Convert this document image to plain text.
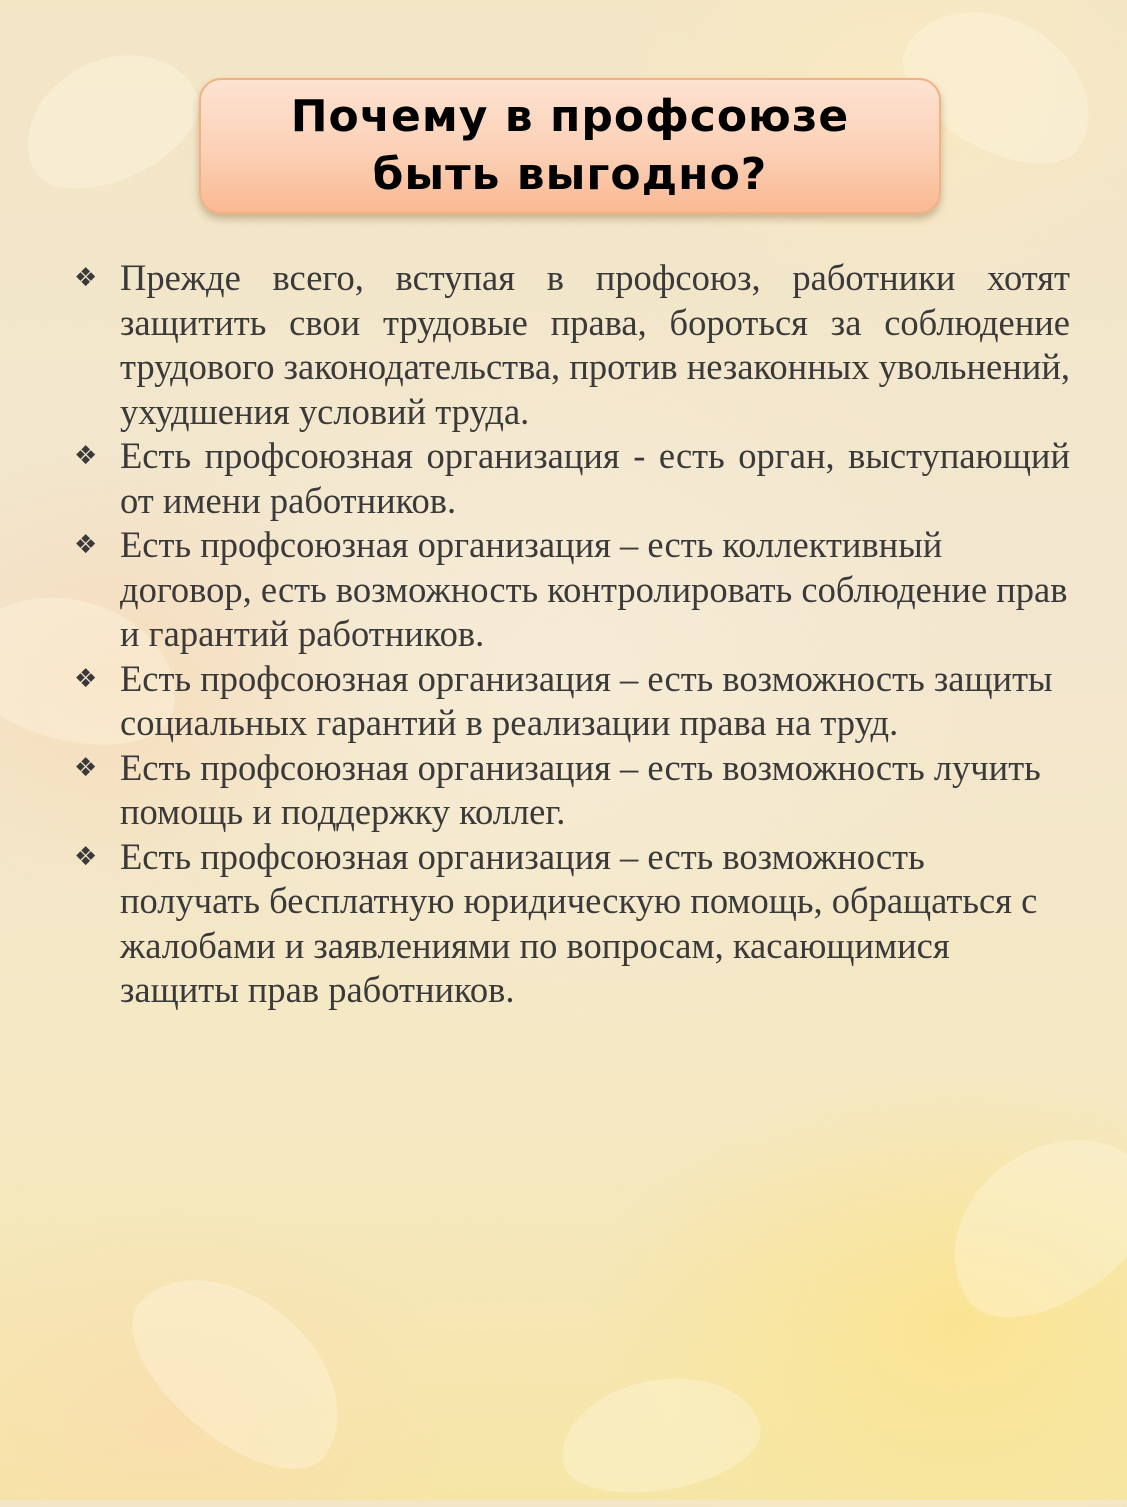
Почему в профсоюзе быть выгодно?

❖ Прежде всего, вступая в профсоюз, работники хотят защитить свои трудовые права, бороться за соблюдение трудового законодательства, против незаконных увольнений, ухудшения условий труда.
❖ Есть профсоюзная организация - есть орган, выступающий от имени работников.
❖ Есть профсоюзная организация – есть коллективный договор, есть возможность контролировать соблюдение прав и гарантий работников.
❖ Есть профсоюзная организация – есть возможность защиты социальных гарантий в реализации права на труд.
❖ Есть профсоюзная организация – есть возможность лучить помощь и поддержку коллег.
❖ Есть профсоюзная организация – есть возможность получать бесплатную юридическую помощь, обращаться с жалобами и заявлениями по вопросам, касающимися защиты прав работников.
